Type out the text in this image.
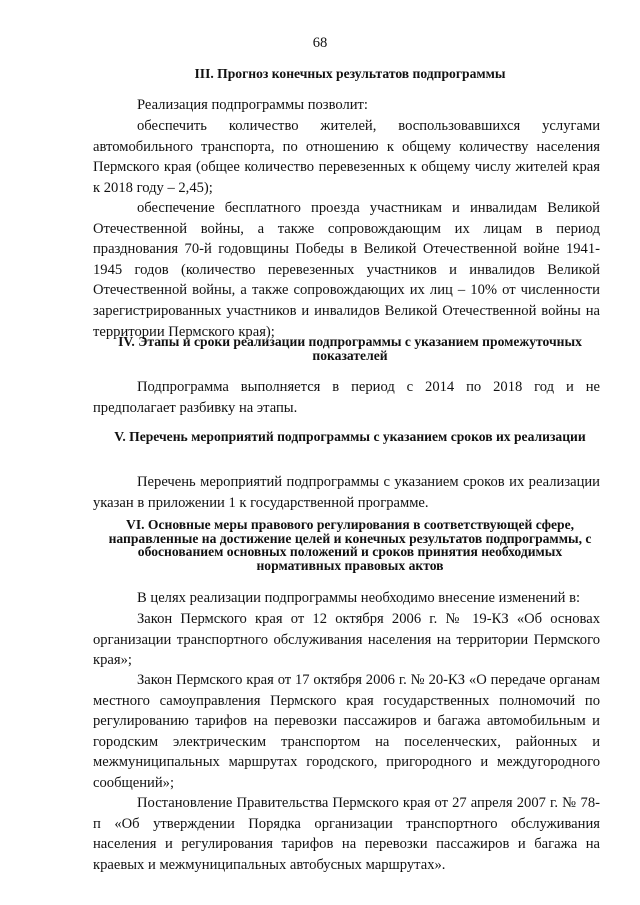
68
III. Прогноз конечных результатов подпрограммы
Реализация подпрограммы позволит:
обеспечить количество жителей, воспользовавшихся услугами автомобильного транспорта, по отношению к общему количеству населения Пермского края (общее количество перевезенных к общему числу жителей края к 2018 году – 2,45);
обеспечение бесплатного проезда участникам и инвалидам Великой Отечественной войны, а также сопровождающим их лицам в период празднования 70-й годовщины Победы в Великой Отечественной войне 1941-1945 годов (количество перевезенных участников и инвалидов Великой Отечественной войны, а также сопровождающих их лиц – 10% от численности зарегистрированных участников и инвалидов Великой Отечественной войны на территории Пермского края);
IV. Этапы и сроки реализации подпрограммы с указанием промежуточных показателей
Подпрограмма выполняется в период с 2014 по 2018 год и не предполагает разбивку на этапы.
V. Перечень мероприятий подпрограммы с указанием сроков их реализации
Перечень мероприятий подпрограммы с указанием сроков их реализации указан в приложении 1 к государственной программе.
VI. Основные меры правового регулирования в соответствующей сфере, направленные на достижение целей и конечных результатов подпрограммы, с обоснованием основных положений и сроков принятия необходимых нормативных правовых актов
В целях реализации подпрограммы необходимо внесение изменений в:
Закон Пермского края от 12 октября 2006 г. № 19-КЗ «Об основах организации транспортного обслуживания населения на территории Пермского края»;
Закон Пермского края от 17 октября 2006 г. № 20-КЗ «О передаче органам местного самоуправления Пермского края государственных полномочий по регулированию тарифов на перевозки пассажиров и багажа автомобильным и городским электрическим транспортом на поселенческих, районных и межмуниципальных маршрутах городского, пригородного и междугородного сообщений»;
Постановление Правительства Пермского края от 27 апреля 2007 г. № 78-п «Об утверждении Порядка организации транспортного обслуживания населения и регулирования тарифов на перевозки пассажиров и багажа на краевых и межмуниципальных автобусных маршрутах».
